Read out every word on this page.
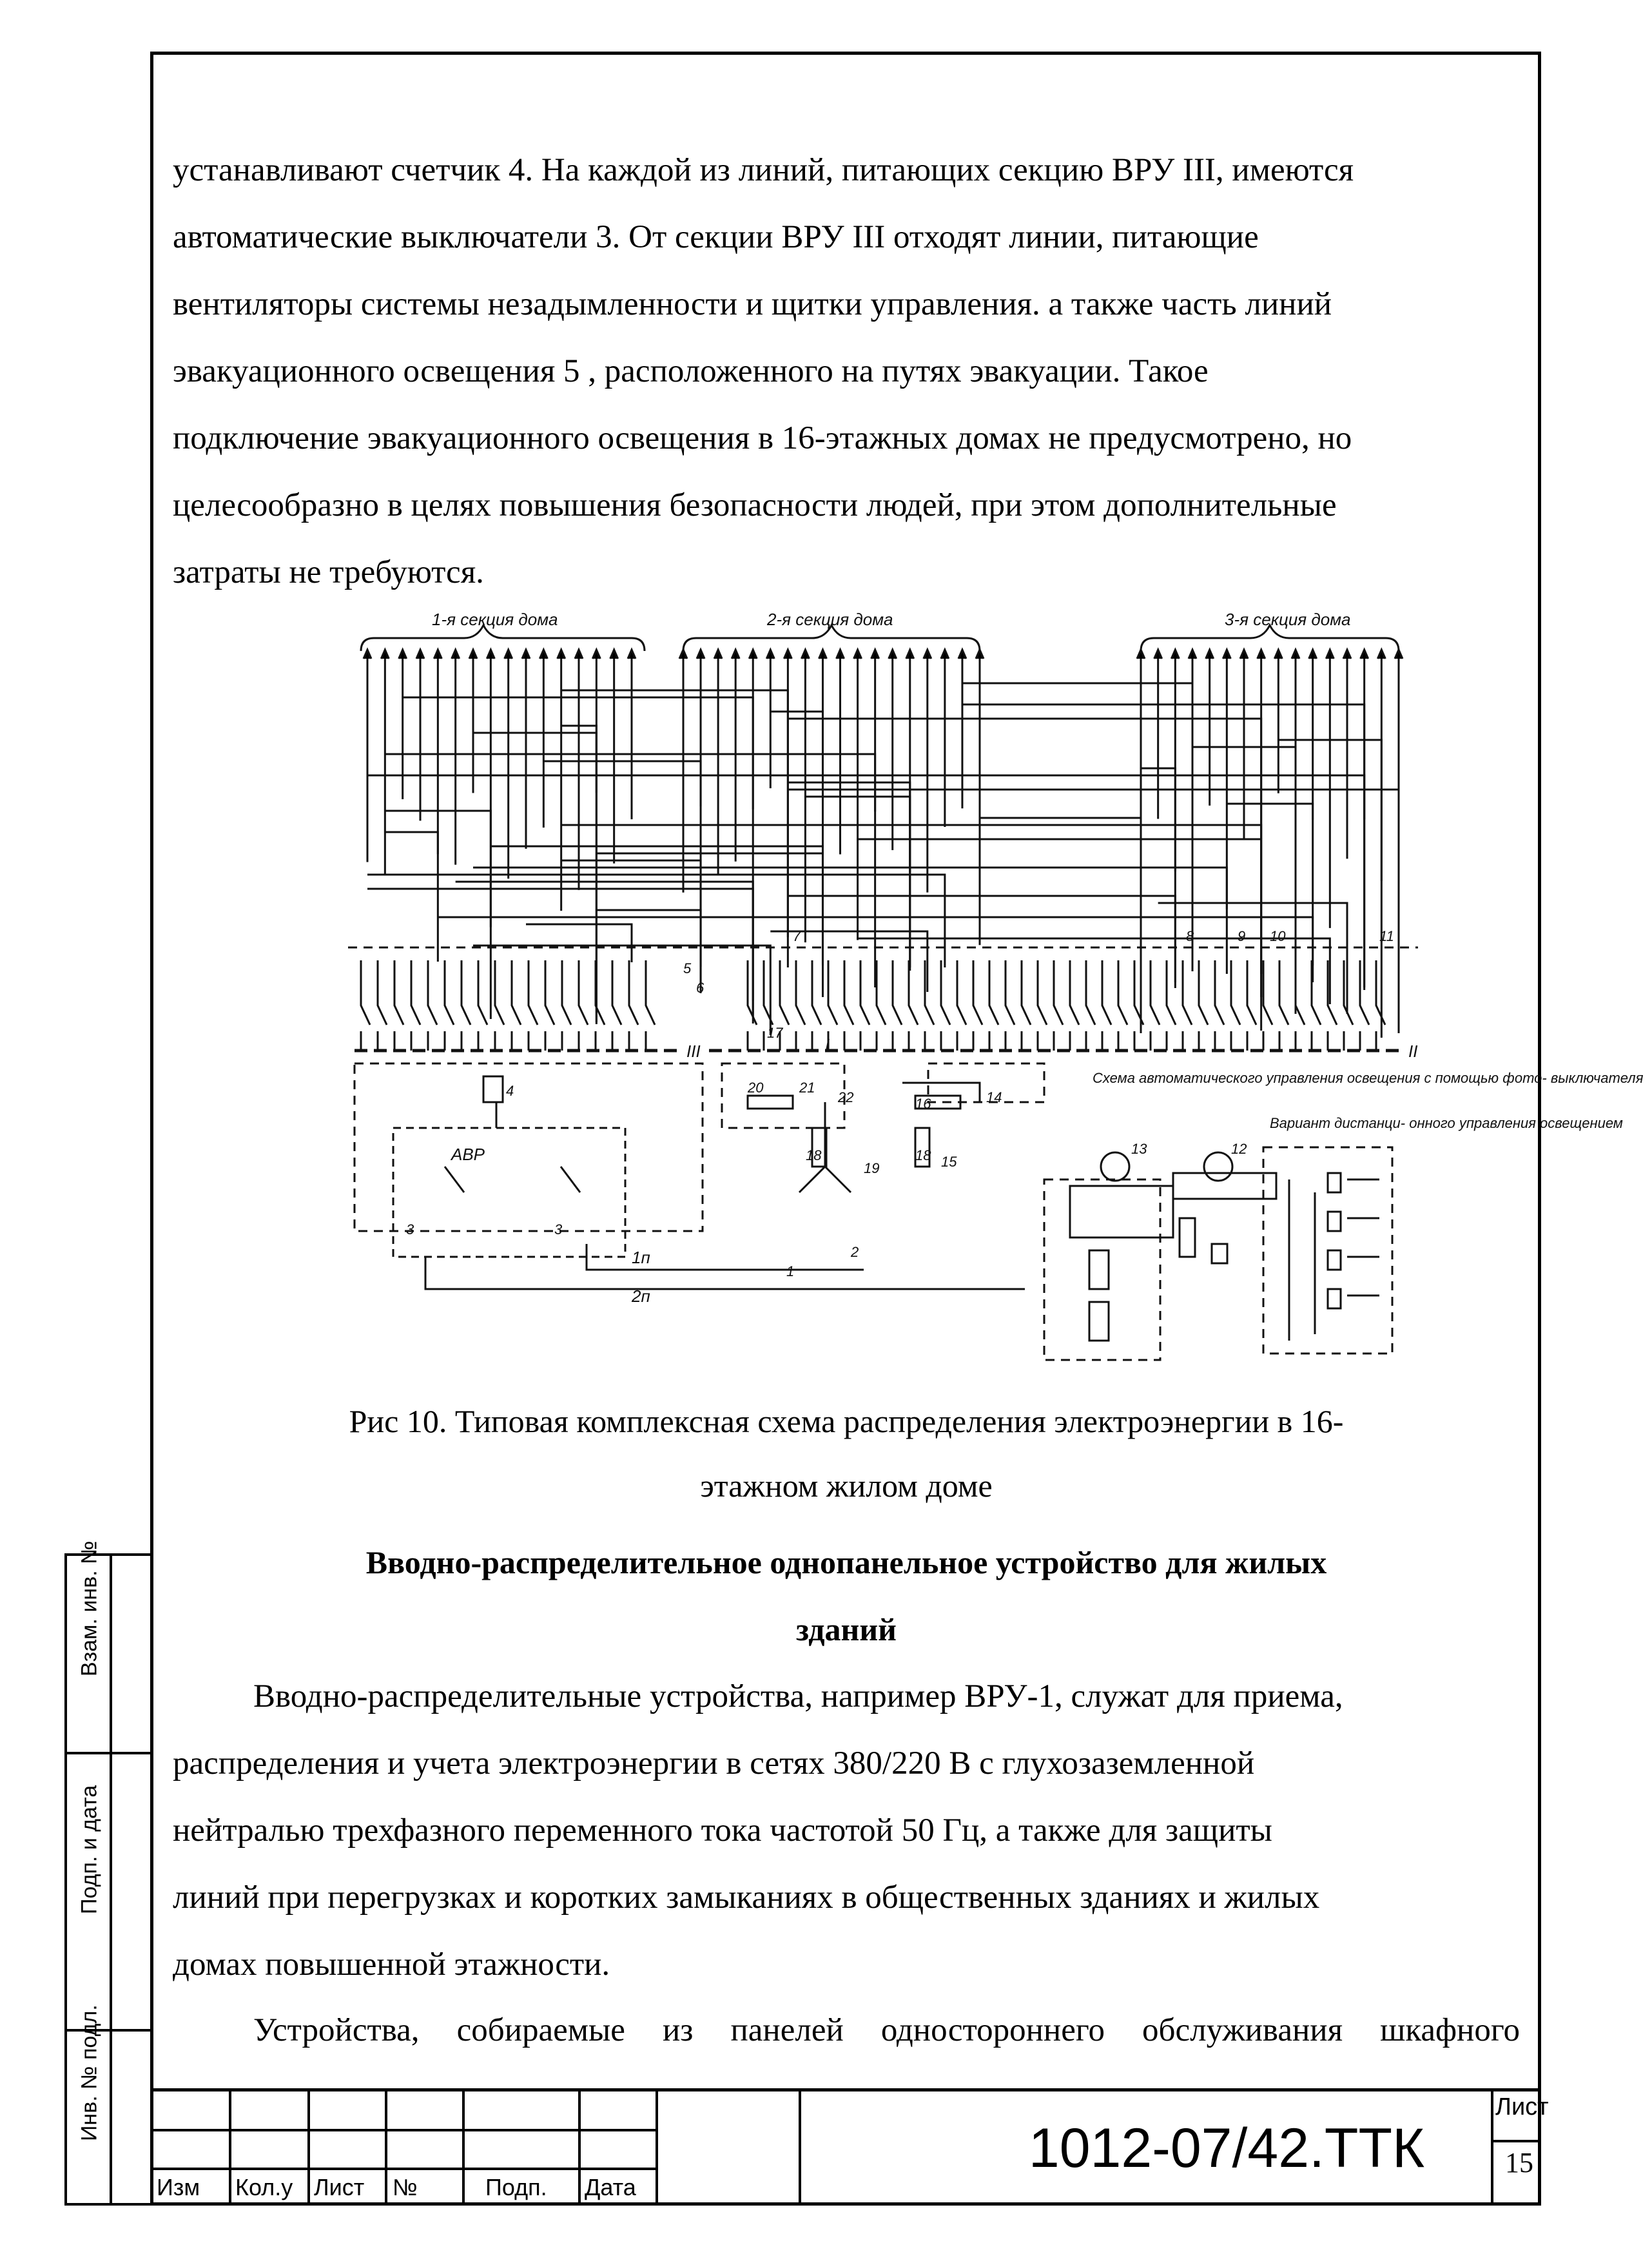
устанавливают счетчик 4. На каждой из линий, питающих секцию ВРУ III, имеются

автоматические выключатели 3. От секции ВРУ III отходят линии, питающие

вентиляторы системы незадымленности и щитки управления. а также часть линий

эвакуационного освещения 5 , расположенного на путях эвакуации. Такое

подключение эвакуационного освещения в 16-этажных домах не предусмотрено, но

целесообразно в целях повышения безопасности людей, при этом дополнительные

затраты не требуются.

1-я секция дома	2-я секция дома	3-я секция дома
III	II
I
АВР
1п
2п
4
3	3
5
6
7	8	9 10	11
17
16	14
15
13	12
20	21
22
18	18
19
2
1
Схема автоматического управления освещения с помощью фото- выключателя
Вариант дистанци- онного управления освещением
Рис 10. Типовая комплексная схема распределения электроэнергии в 16-
этажном жилом доме
Вводно-распределительное однопанельное устройство для жилых
зданий

Вводно-распределительные устройства, например ВРУ-1, служат для приема,

распределения и учета электроэнергии в сетях 380/220 В с глухозаземленной

нейтралью трехфазного переменного тока частотой 50 Гц, а также для защиты

линий при перегрузках и коротких замыканиях в общественных зданиях и жилых

домах повышенной этажности.

Устройства, собираемые из панелей одностороннего обслуживания шкафного

Взам. инв. №
Подп. и дата
Инв. № подл.
Изм Кол.у Лист №	Подп. Дата
1012-07/42.ТТК
Лист
15
